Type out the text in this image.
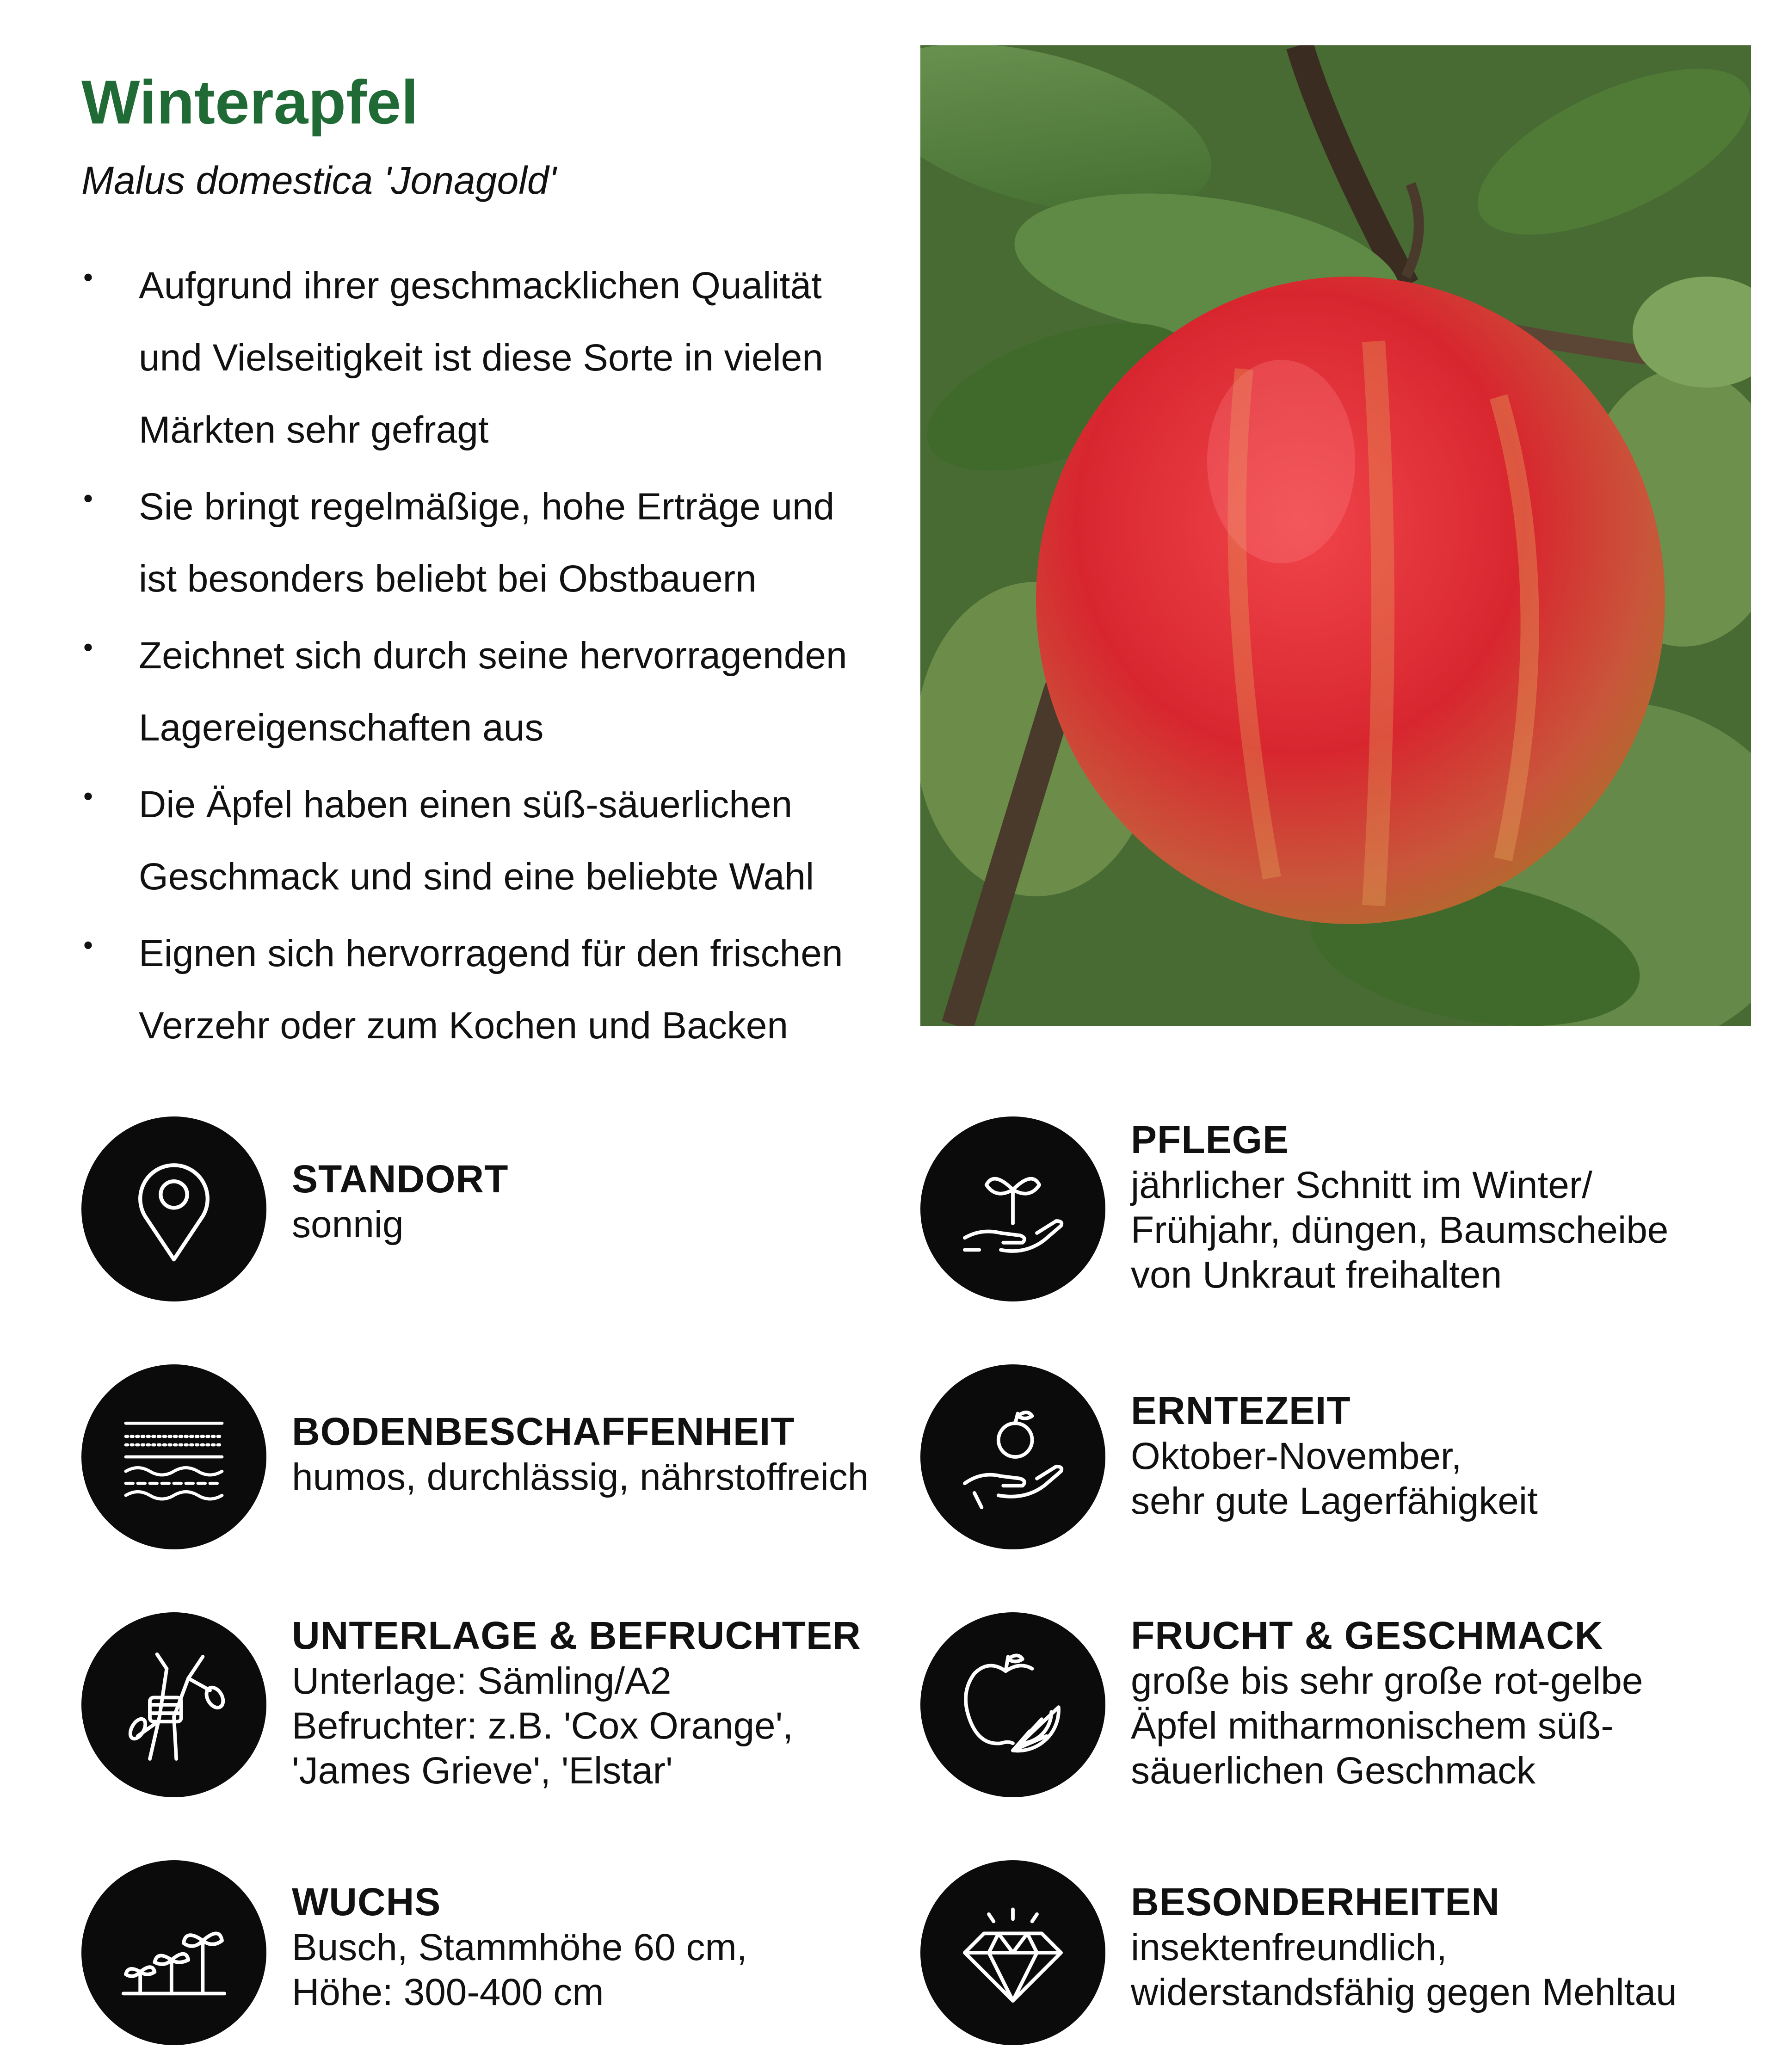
Winterapfel

Malus domestica 'Jonagold'

• Aufgrund ihrer geschmacklichen Qualität
und Vielseitigkeit ist diese Sorte in vielen
Märkten sehr gefragt
• Sie bringt regelmäßige, hohe Erträge und
ist besonders beliebt bei Obstbauern
• Zeichnet sich durch seine hervorragenden
Lagereigenschaften aus
• Die Äpfel haben einen süß-säuerlichen
Geschmack und sind eine beliebte Wahl
• Eignen sich hervorragend für den frischen
Verzehr oder zum Kochen und Backen
STANDORT
sonnig
BODENBESCHAFFENHEIT
humos, durchlässig, nährstoffreich
UNTERLAGE & BEFRUCHTER
Unterlage: Sämling/A2
Befruchter: z.B. 'Cox Orange',
'James Grieve', 'Elstar'
WUCHS
Busch, Stammhöhe 60 cm,
Höhe: 300-400 cm
PFLEGE
jährlicher Schnitt im Winter/
Frühjahr, düngen, Baumscheibe
von Unkraut freihalten
ERNTEZEIT
Oktober-November,
sehr gute Lagerfähigkeit
FRUCHT & GESCHMACK
große bis sehr große rot-gelbe
Äpfel mitharmonischem süß-
säuerlichen Geschmack
BESONDERHEITEN
insektenfreundlich,
widerstandsfähig gegen Mehltau
